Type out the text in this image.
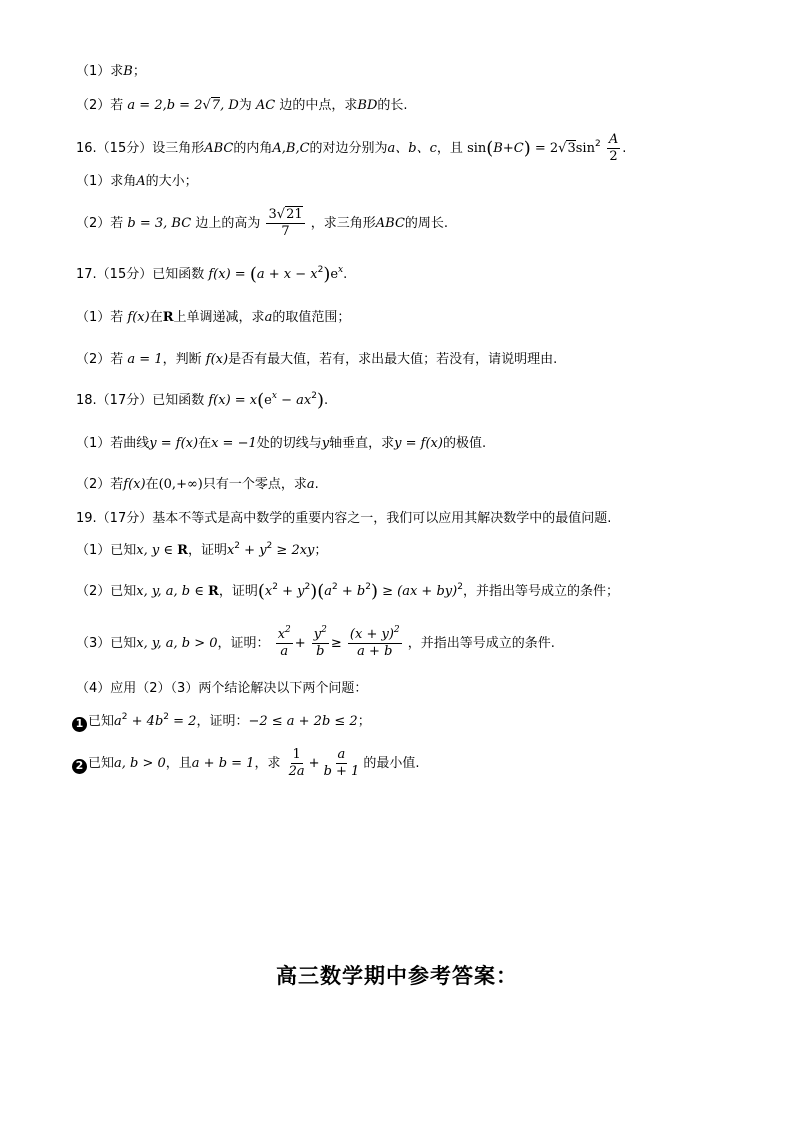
（1）求B；
（2）若 a = 2,b = 2√7, D为 AC 边的中点，求BD的长.
16.（15分）设三角形ABC的内角A,B,C的对边分别为a、b、c，且 $\sin(B+C) = 2√3\sin^2 \frac{A}{2}$ .
（1）求角A的大小；
（2）若 b = 3, BC 边上的高为 $\frac{3√21}{7}$ ，求三角形ABC的周长.
17.（15分）已知函数 $f(x) = (a + x - x^2)e^x$.
（1）若 f(x)在R上单调递减，求a的取值范围；
（2）若 a = 1，判断 f(x)是否有最大值，若有，求出最大值；若没有，请说明理由.
18.（17分）已知函数 $f(x) = x(e^x - ax^2)$.
（1）若曲线y = f(x)在x = −1处的切线与y轴垂直，求y = f(x)的极值.
（2）若f(x)在(0,+∞)只有一个零点，求a.
19.（17分）基本不等式是高中数学的重要内容之一，我们可以应用其解决数学中的最值问题.
（1）已知x, y ∈ R，证明$x^2 + y^2 \ge 2xy$；
（2）已知x, y, a, b ∈ R，证明$(x^2 + y^2)(a^2 + b^2) \ge (ax + by)^2$，并指出等号成立的条件；
（3）已知x, y, a, b > 0，证明： $\frac{x^2}{a} + \frac{y^2}{b} \ge \frac{(x + y)^2}{a + b}$ ，并指出等号成立的条件.
（4）应用（2）（3）两个结论解决以下两个问题：
1 已知$a^2 + 4b^2 = 2$，证明：−2 ≤ a + 2b ≤ 2；
2 已知a, b > 0，且a + b = 1，求 $\frac{1}{2a} + \frac{a}{b + 1}$ 的最小值.
高三数学期中参考答案：
